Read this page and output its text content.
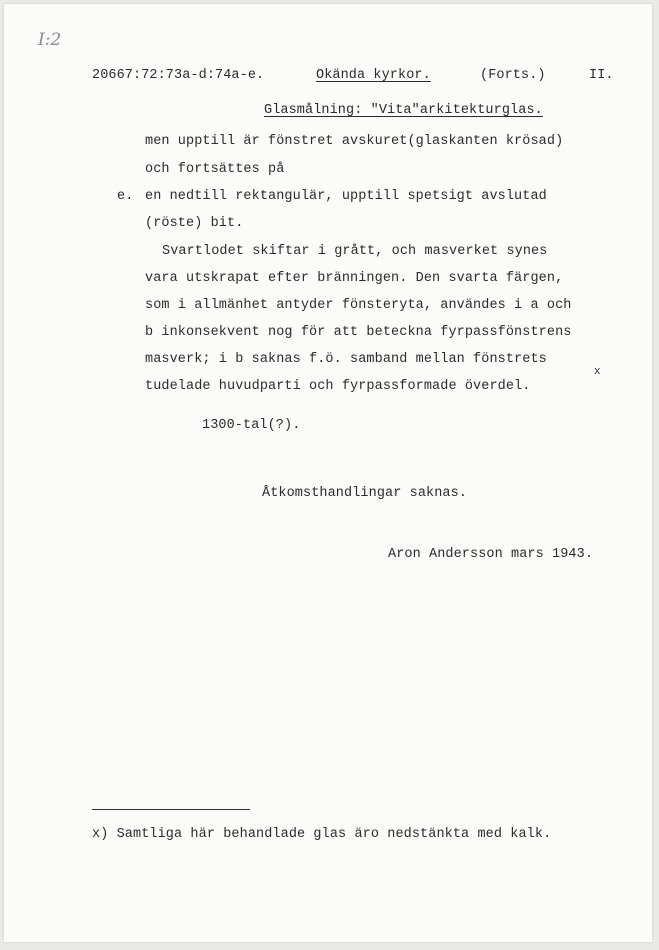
I:2
20667:72:73a-d:74a-e.	Okända kyrkor.	(Forts.)	II.
Glasmålning: "Vita"arkitekturglas.
men upptill är fönstret avskuret(glaskanten krösad)
och fortsättes på
e. en nedtill rektangulär, upptill spetsigt avslutad
(röste) bit.
Svartlodet skiftar i grått, och masverket synes
vara utskrapat efter bränningen. Den svarta färgen,
som i allmänhet antyder fönsteryta, användes i a och
b inkonsekvent nog för att beteckna fyrpassfönstrens
masverk; i b saknas f.ö. samband mellan fönstrets
tudelade huvudparti och fyrpassformade överdel.
x
1300-tal(?).
Åtkomsthandlingar saknas.
Aron Andersson mars 1943.
x) Samtliga här behandlade glas äro nedstänkta med kalk.
